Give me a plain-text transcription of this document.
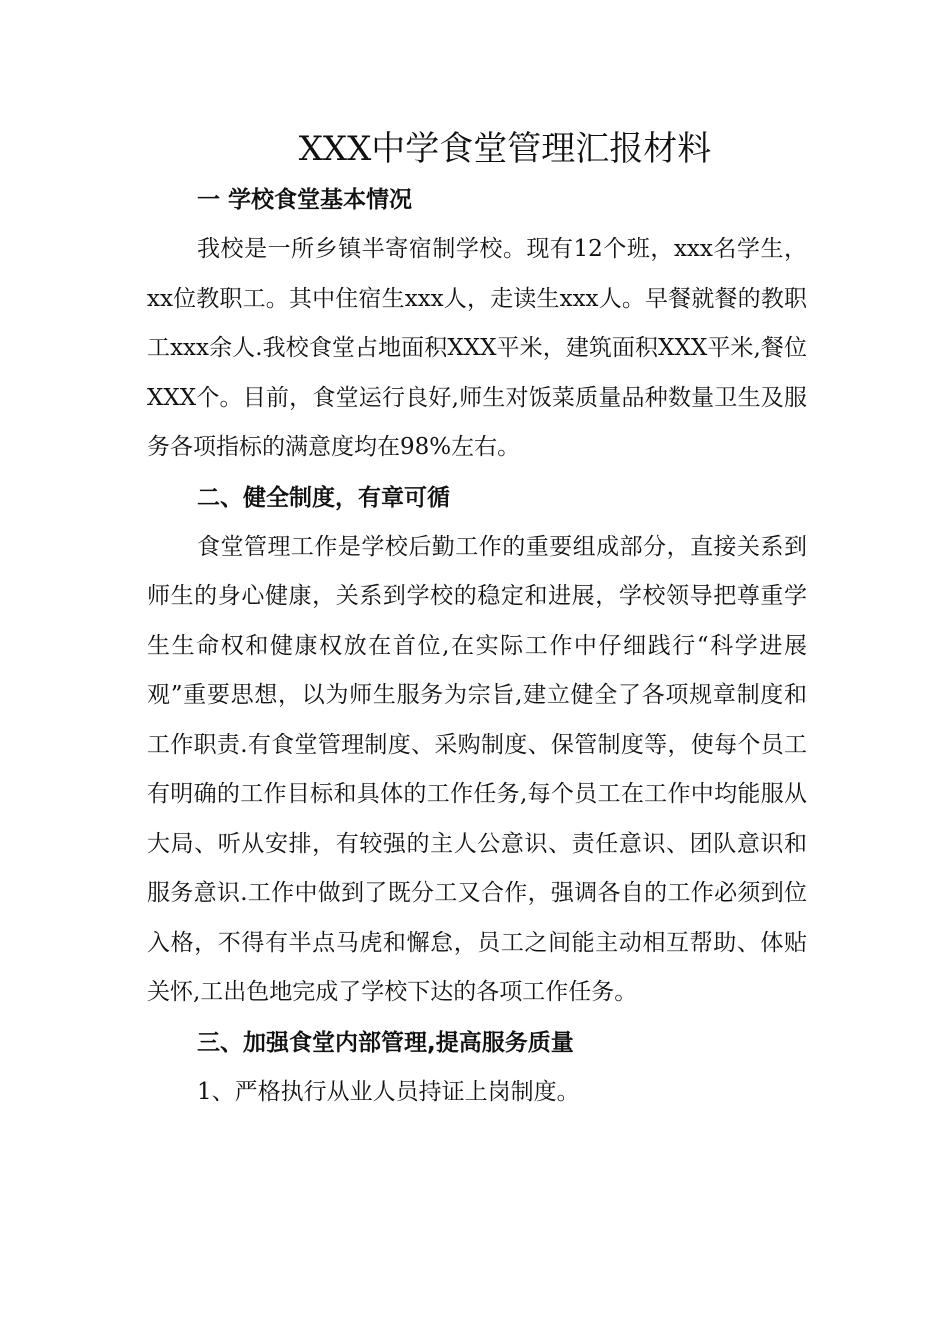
XXX中学食堂管理汇报材料
一 学校食堂基本情况

我校是一所乡镇半寄宿制学校。现有12个班，xxx名学生，xx位教职工。其中住宿生xxx人，走读生xxx人。早餐就餐的教职工xxx余人.我校食堂占地面积XXX平米，建筑面积XXX平米,餐位XXX个。目前，食堂运行良好,师生对饭菜质量品种数量卫生及服务各项指标的满意度均在98%左右。

二、健全制度，有章可循

食堂管理工作是学校后勤工作的重要组成部分，直接关系到师生的身心健康，关系到学校的稳定和进展，学校领导把尊重学生生命权和健康权放在首位,在实际工作中仔细践行“科学进展观”重要思想，以为师生服务为宗旨,建立健全了各项规章制度和工作职责.有食堂管理制度、采购制度、保管制度等，使每个员工有明确的工作目标和具体的工作任务,每个员工在工作中均能服从大局、听从安排，有较强的主人公意识、责任意识、团队意识和服务意识.工作中做到了既分工又合作，强调各自的工作必须到位入格，不得有半点马虎和懈怠，员工之间能主动相互帮助、体贴关怀,工出色地完成了学校下达的各项工作任务。

三、加强食堂内部管理,提高服务质量

1、严格执行从业人员持证上岗制度。
